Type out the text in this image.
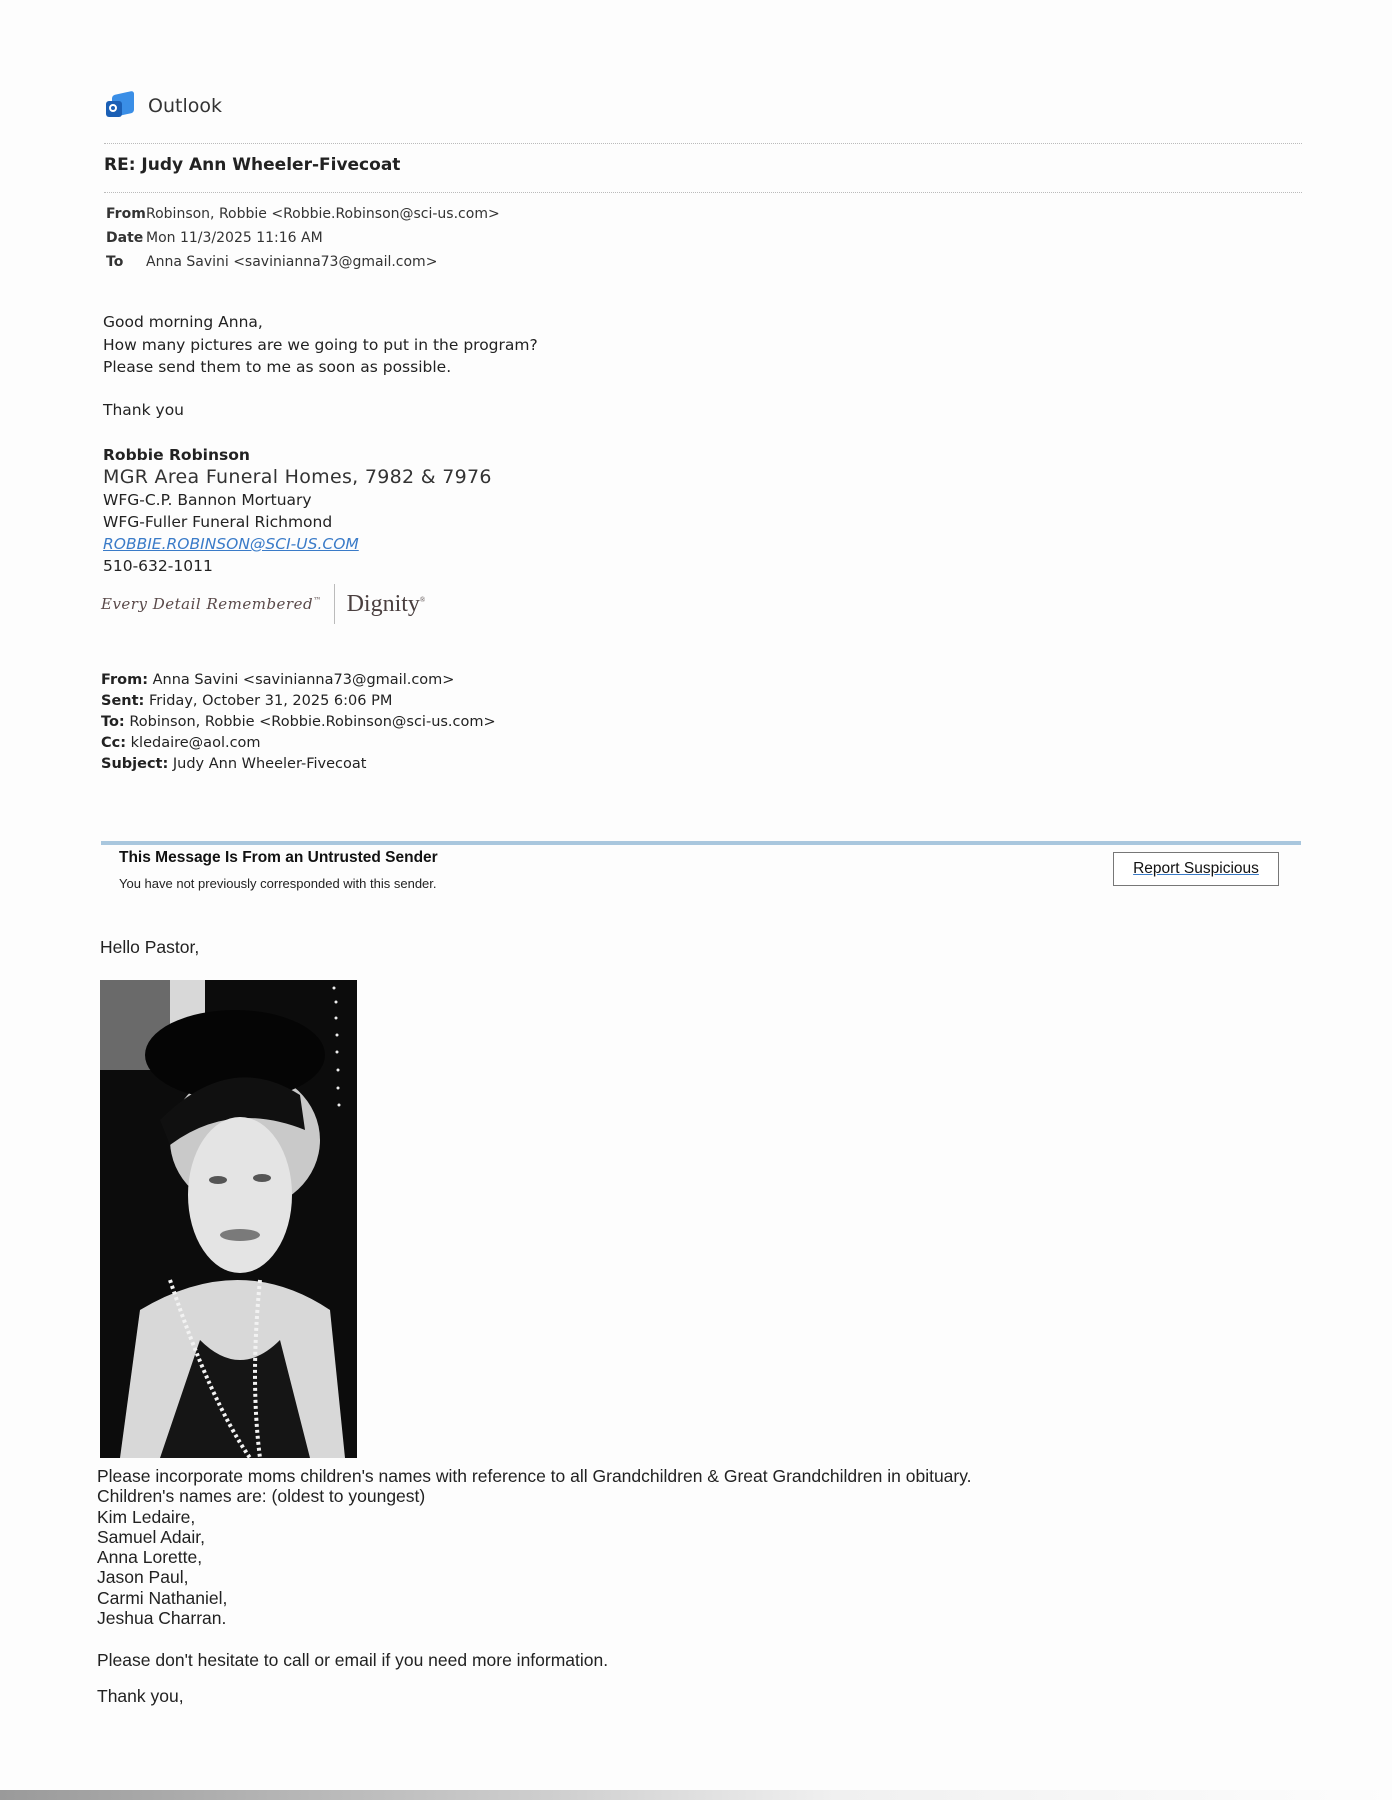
Outlook
RE: Judy Ann Wheeler-Fivecoat
From Robinson, Robbie <Robbie.Robinson@sci-us.com>
Date Mon 11/3/2025 11:16 AM
To	Anna Savini <savinianna73@gmail.com>
Good morning Anna,
How many pictures are we going to put in the program?
Please send them to me as soon as possible.
Thank you
Robbie Robinson
MGR Area Funeral Homes, 7982 & 7976
WFG-C.P. Bannon Mortuary
WFG-Fuller Funeral Richmond
ROBBIE.ROBINSON@SCI-US.COM
510-632-1011
Every Detail Remembered™ Dignity®
From: Anna Savini <savinianna73@gmail.com>
Sent: Friday, October 31, 2025 6:06 PM
To: Robinson, Robbie <Robbie.Robinson@sci-us.com>
Cc: kledaire@aol.com
Subject: Judy Ann Wheeler-Fivecoat
This Message Is From an Untrusted Sender
You have not previously corresponded with this sender.
Report Suspicious
Hello Pastor,
Please incorporate moms children's names with reference to all Grandchildren & Great Grandchildren in obituary.
Children's names are: (oldest to youngest)
Kim Ledaire,
Samuel Adair,
Anna Lorette,
Jason Paul,
Carmi Nathaniel,
Jeshua Charran.
Please don't hesitate to call or email if you need more information.
Thank you,
